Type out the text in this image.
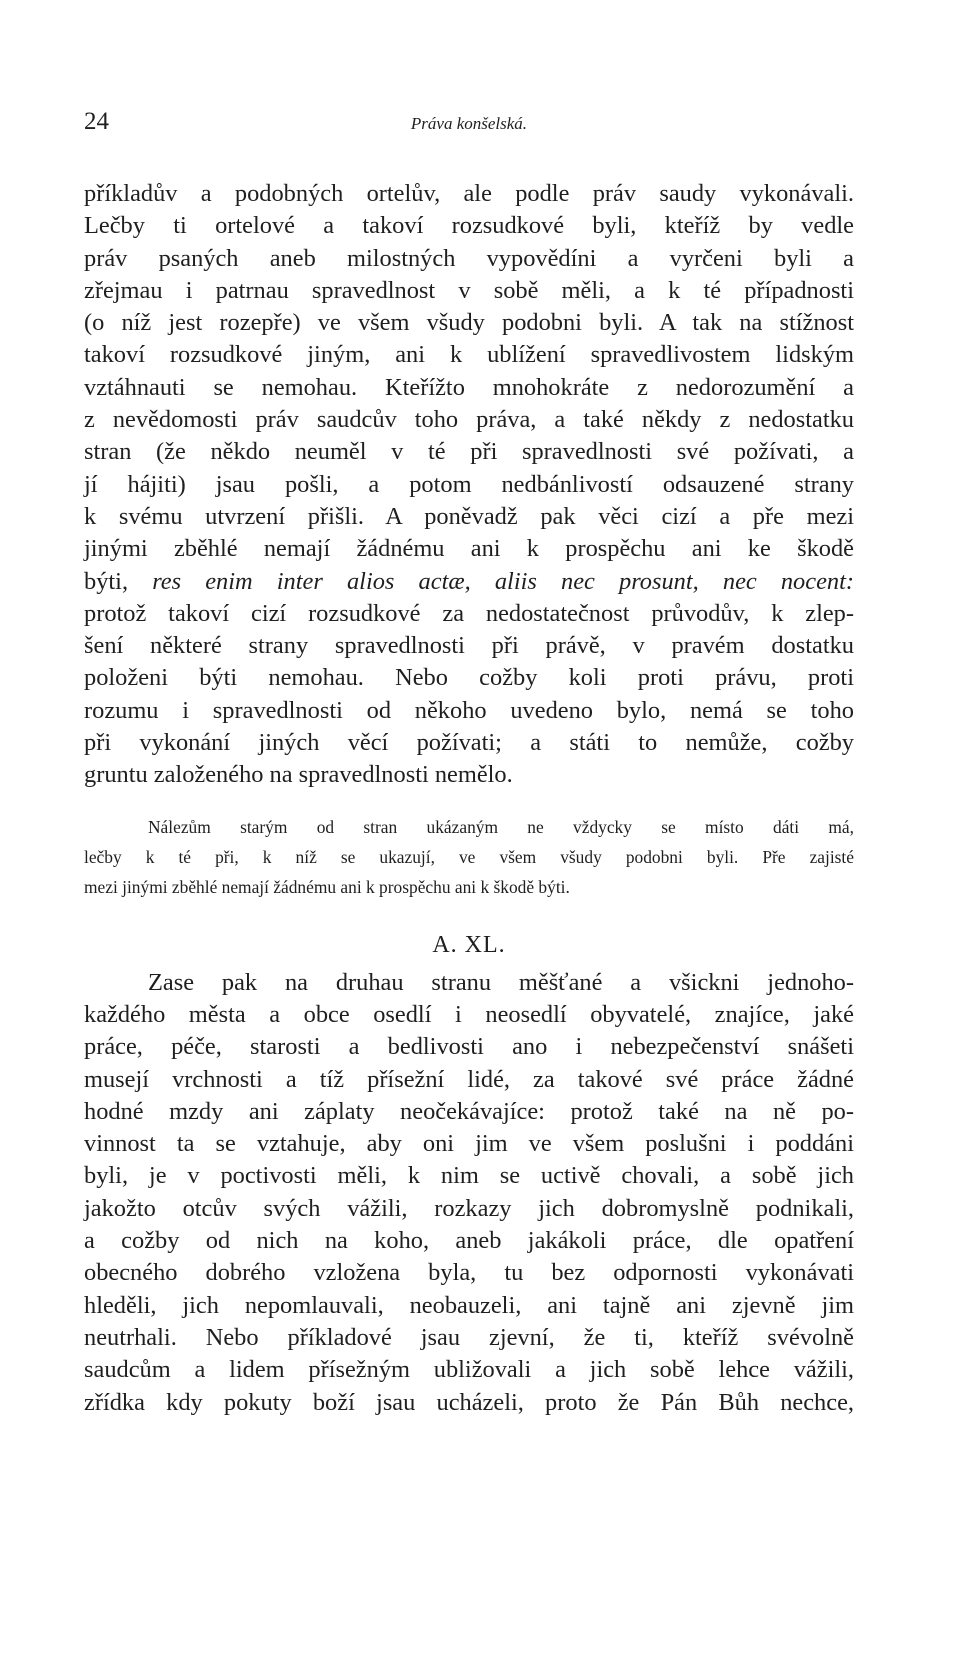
24	Práva konšelská.
příkladův a podobných ortelův, ale podle práv saudy vykonávali.
Lečby ti ortelové a takoví rozsudkové byli, kteříž by vedle
práv psaných aneb milostných vypovědíni a vyrčeni byli a
zřejmau i patrnau spravedlnost v sobě měli, a k té případnosti
(o níž jest rozepře) ve všem všudy podobni byli. A tak na stížnost
takoví rozsudkové jiným, ani k ublížení spravedlivostem lidským
vztáhnauti se nemohau. Kteřížto mnohokráte z nedorozumění a
z nevědomosti práv saudcův toho práva, a také někdy z nedostatku
stran (že někdo neuměl v té při spravedlnosti své požívati, a
jí hájiti) jsau pošli, a potom nedbánlivostí odsauzené strany
k svému utvrzení přišli. A poněvadž pak věci cizí a pře mezi
jinými zběhlé nemají žádnému ani k prospěchu ani ke škodě
býti, res enim inter alios actæ, aliis nec prosunt, nec nocent:
protož takoví cizí rozsudkové za nedostatečnost průvodův, k zlep-
šení některé strany spravedlnosti při právě, v pravém dostatku
položeni býti nemohau. Nebo cožby koli proti právu, proti
rozumu i spravedlnosti od někoho uvedeno bylo, nemá se toho
při vykonání jiných věcí požívati; a státi to nemůže, cožby
gruntu založeného na spravedlnosti nemělo.
Nálezům starým od stran ukázaným ne vždycky se místo dáti má,
lečby k té při, k níž se ukazují, ve všem všudy podobni byli. Pře zajisté
mezi jinými zběhlé nemají žádnému ani k prospěchu ani k škodě býti.
A. XL.
Zase pak na druhau stranu měšťané a všickni jednoho-
každého města a obce osedlí i neosedlí obyvatelé, znajíce, jaké
práce, péče, starosti a bedlivosti ano i nebezpečenství snášeti
musejí vrchnosti a tíž přísežní lidé, za takové své práce žádné
hodné mzdy ani záplaty neočekávajíce: protož také na ně po-
vinnost ta se vztahuje, aby oni jim ve všem poslušni i poddáni
byli, je v poctivosti měli, k nim se uctivě chovali, a sobě jich
jakožto otcův svých vážili, rozkazy jich dobromyslně podnikali,
a cožby od nich na koho, aneb jakákoli práce, dle opatření
obecného dobrého vzložena byla, tu bez odpornosti vykonávati
hleděli, jich nepomlauvali, neobauzeli, ani tajně ani zjevně jim
neutrhali. Nebo příkladové jsau zjevní, že ti, kteříž svévolně
saudcům a lidem přísežným ubližovali a jich sobě lehce vážili,
zřídka kdy pokuty boží jsau ucházeli, proto že Pán Bůh nechce,
